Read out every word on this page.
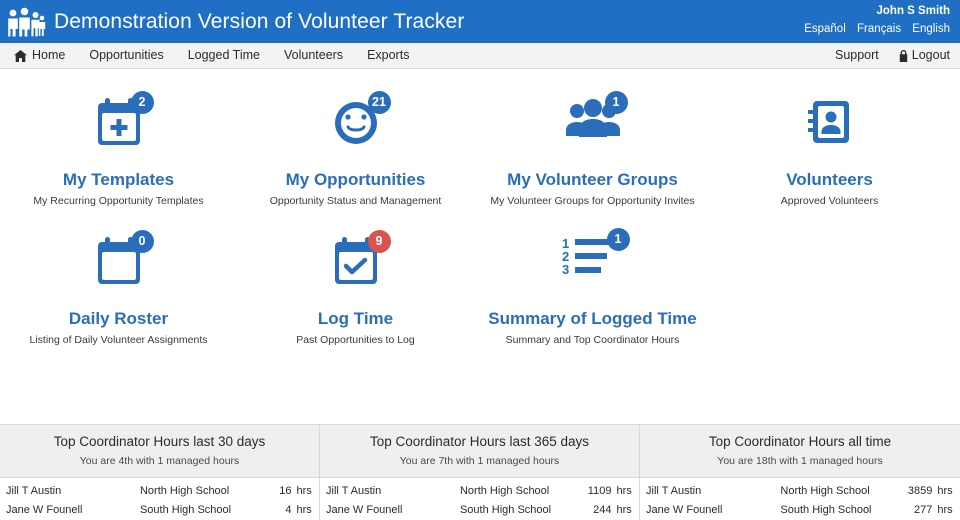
Demonstration Version of Volunteer Tracker	John S Smith
Español Français English
Home	Opportunities	Logged Time	Volunteers	Exports	Support	Logout
2
My Templates
My Recurring Opportunity Templates
21
My Opportunities
Opportunity Status and Management
1
My Volunteer Groups
My Volunteer Groups for Opportunity Invites
Volunteers
Approved Volunteers
0
Daily Roster
Listing of Daily Volunteer Assignments
9
Log Time
Past Opportunities to Log
1
2
3
1
Summary of Logged Time
Summary and Top Coordinator Hours
Top Coordinator Hours last 30 days
You are 4th with 1 managed hours
Jill T Austin	North High School	16	hrs
Jane W Founell	South High School	4	hrs
Top Coordinator Hours last 365 days
You are 7th with 1 managed hours
Jill T Austin	North High School	1109	hrs
Jane W Founell	South High School	244	hrs
Top Coordinator Hours all time
You are 18th with 1 managed hours
Jill T Austin	North High School	3859	hrs
Jane W Founell	South High School	277	hrs
